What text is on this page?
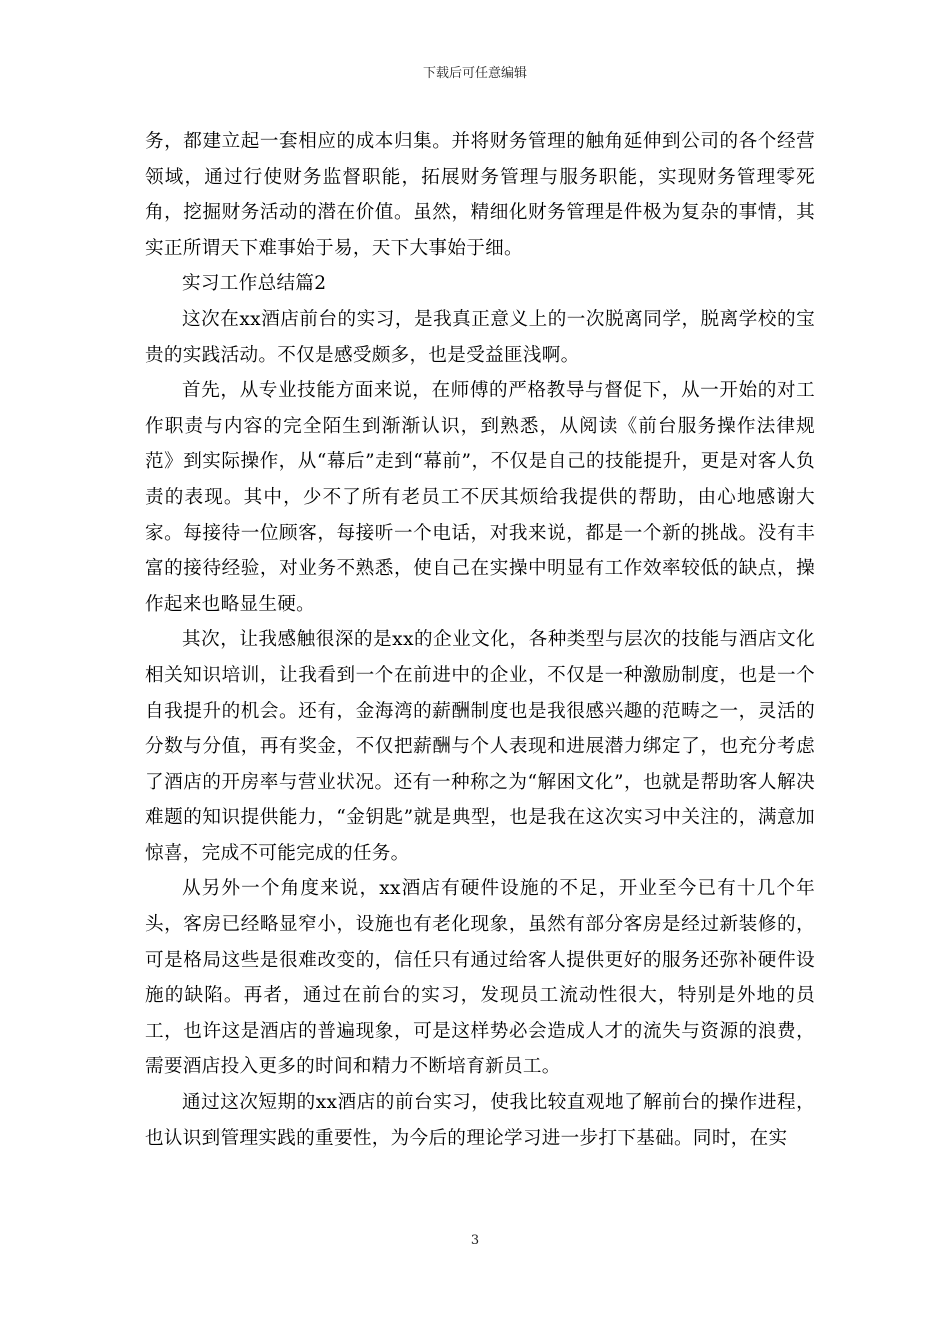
下载后可任意编辑

务，都建立起一套相应的成本归集。并将财务管理的触角延伸到公司的各个经营领域，通过行使财务监督职能，拓展财务管理与服务职能，实现财务管理零死角，挖掘财务活动的潜在价值。虽然，精细化财务管理是件极为复杂的事情，其实正所谓天下难事始于易，天下大事始于细。

实习工作总结篇2

这次在xx酒店前台的实习，是我真正意义上的一次脱离同学，脱离学校的宝贵的实践活动。不仅是感受颇多，也是受益匪浅啊。

首先，从专业技能方面来说，在师傅的严格教导与督促下，从一开始的对工作职责与内容的完全陌生到渐渐认识，到熟悉，从阅读《前台服务操作法律规范》到实际操作，从“幕后”走到“幕前”，不仅是自己的技能提升，更是对客人负责的表现。其中，少不了所有老员工不厌其烦给我提供的帮助，由心地感谢大家。每接待一位顾客，每接听一个电话，对我来说，都是一个新的挑战。没有丰富的接待经验，对业务不熟悉，使自己在实操中明显有工作效率较低的缺点，操作起来也略显生硬。

其次，让我感触很深的是xx的企业文化，各种类型与层次的技能与酒店文化相关知识培训，让我看到一个在前进中的企业，不仅是一种激励制度，也是一个自我提升的机会。还有，金海湾的薪酬制度也是我很感兴趣的范畴之一，灵活的分数与分值，再有奖金，不仅把薪酬与个人表现和进展潜力绑定了，也充分考虑了酒店的开房率与营业状况。还有一种称之为“解困文化”，也就是帮助客人解决难题的知识提供能力，“金钥匙”就是典型，也是我在这次实习中关注的，满意加惊喜，完成不可能完成的任务。

从另外一个角度来说，xx酒店有硬件设施的不足，开业至今已有十几个年头，客房已经略显窄小，设施也有老化现象，虽然有部分客房是经过新装修的，可是格局这些是很难改变的，信任只有通过给客人提供更好的服务还弥补硬件设施的缺陷。再者，通过在前台的实习，发现员工流动性很大，特别是外地的员工，也许这是酒店的普遍现象，可是这样势必会造成人才的流失与资源的浪费，需要酒店投入更多的时间和精力不断培育新员工。

通过这次短期的xx酒店的前台实习，使我比较直观地了解前台的操作进程，也认识到管理实践的重要性，为今后的理论学习进一步打下基础。同时，在实

3
